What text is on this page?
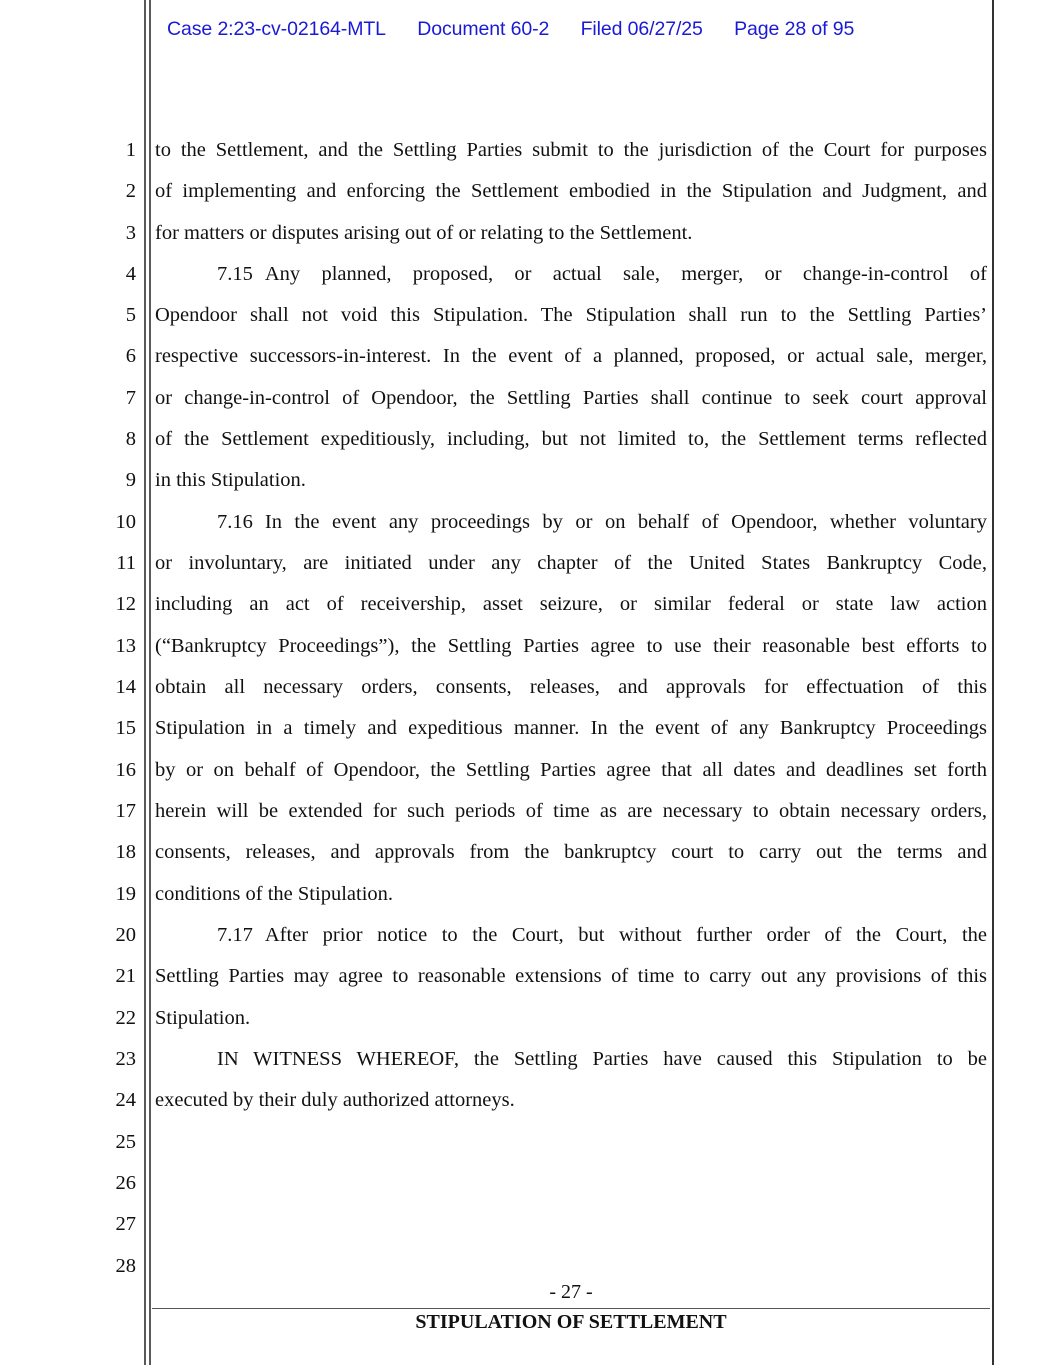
Case 2:23-cv-02164-MTL Document 60-2 Filed 06/27/25 Page 28 of 95
1
2
3
4
5
6
7
8
9
10
11
12
13
14
15
16
17
18
19
20
21
22
23
24
25
26
27
28
to the Settlement, and the Settling Parties submit to the jurisdiction of the Court for purposes
of implementing and enforcing the Settlement embodied in the Stipulation and Judgment, and
for matters or disputes arising out of or relating to the Settlement.
7.15 Any planned, proposed, or actual sale, merger, or change-in-control of
Opendoor shall not void this Stipulation. The Stipulation shall run to the Settling Parties’
respective successors-in-interest. In the event of a planned, proposed, or actual sale, merger,
or change-in-control of Opendoor, the Settling Parties shall continue to seek court approval
of the Settlement expeditiously, including, but not limited to, the Settlement terms reflected
in this Stipulation.
7.16 In the event any proceedings by or on behalf of Opendoor, whether voluntary
or involuntary, are initiated under any chapter of the United States Bankruptcy Code,
including an act of receivership, asset seizure, or similar federal or state law action
(“Bankruptcy Proceedings”), the Settling Parties agree to use their reasonable best efforts to
obtain all necessary orders, consents, releases, and approvals for effectuation of this
Stipulation in a timely and expeditious manner. In the event of any Bankruptcy Proceedings
by or on behalf of Opendoor, the Settling Parties agree that all dates and deadlines set forth
herein will be extended for such periods of time as are necessary to obtain necessary orders,
consents, releases, and approvals from the bankruptcy court to carry out the terms and
conditions of the Stipulation.
7.17 After prior notice to the Court, but without further order of the Court, the
Settling Parties may agree to reasonable extensions of time to carry out any provisions of this
Stipulation.
IN WITNESS WHEREOF, the Settling Parties have caused this Stipulation to be
executed by their duly authorized attorneys.
- 27 -
STIPULATION OF SETTLEMENT
